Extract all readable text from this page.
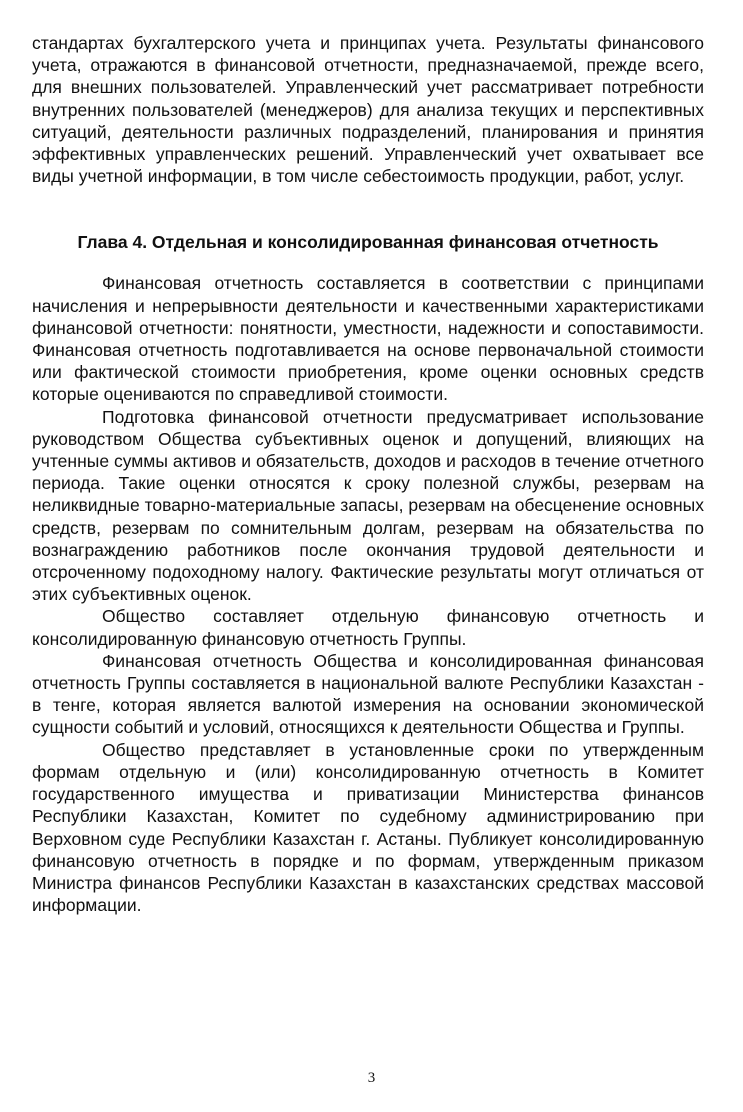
стандартах бухгалтерского учета и принципах учета. Результаты финансового учета, отражаются в финансовой отчетности, предназначаемой, прежде всего, для внешних пользователей. Управленческий учет рассматривает потребности внутренних пользователей (менеджеров) для анализа текущих и перспективных ситуаций, деятельности различных подразделений, планирования и принятия эффективных управленческих решений. Управленческий учет охватывает все виды учетной информации, в том числе себестоимость продукции, работ, услуг.

Глава 4. Отдельная и консолидированная финансовая отчетность

Финансовая отчетность составляется в соответствии с принципами начисления и непрерывности деятельности и качественными характеристиками финансовой отчетности: понятности, уместности, надежности и сопоставимости. Финансовая отчетность подготавливается на основе первоначальной стоимости или фактической стоимости приобретения, кроме оценки основных средств которые оцениваются по справедливой стоимости.

Подготовка финансовой отчетности предусматривает использование руководством Общества субъективных оценок и допущений, влияющих на учтенные суммы активов и обязательств, доходов и расходов в течение отчетного периода. Такие оценки относятся к сроку полезной службы, резервам на неликвидные товарно-материальные запасы, резервам на обесценение основных средств, резервам по сомнительным долгам, резервам на обязательства по вознаграждению работников после окончания трудовой деятельности и отсроченному подоходному налогу. Фактические результаты могут отличаться от этих субъективных оценок.

Общество составляет отдельную финансовую отчетность и консолидированную финансовую отчетность Группы.

Финансовая отчетность Общества и консолидированная финансовая отчетность Группы составляется в национальной валюте Республики Казахстан - в тенге, которая является валютой измерения на основании экономической сущности событий и условий, относящихся к деятельности Общества и Группы.

Общество представляет в установленные сроки по утвержденным формам отдельную и (или) консолидированную отчетность в Комитет государственного имущества и приватизации Министерства финансов Республики Казахстан, Комитет по судебному администрированию при Верховном суде Республики Казахстан г. Астаны. Публикует консолидированную финансовую отчетность в порядке и по формам, утвержденным приказом Министра финансов Республики Казахстан в казахстанских средствах массовой информации.

3
